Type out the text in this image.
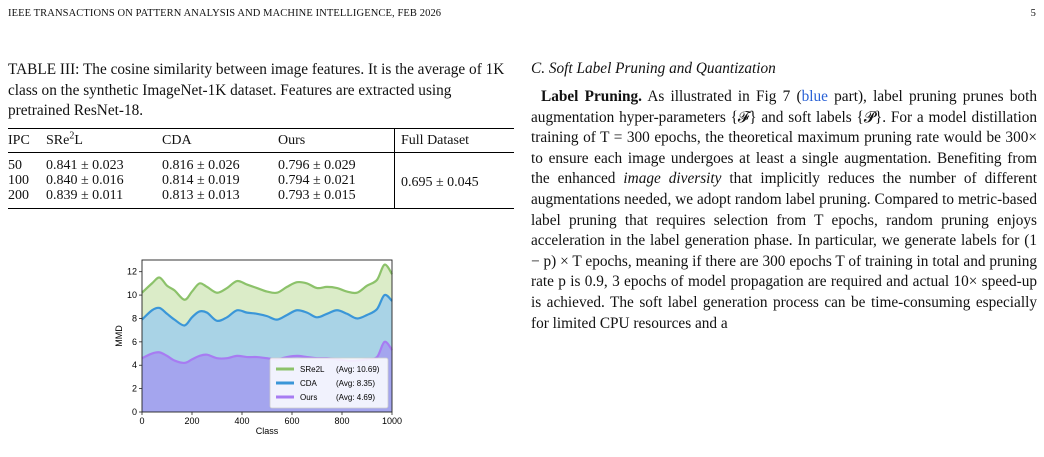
IEEE TRANSACTIONS ON PATTERN ANALYSIS AND MACHINE INTELLIGENCE, FEB 2026	5

TABLE III: The cosine similarity between image features. It is the average of 1K class on the synthetic ImageNet-1K dataset. Features are extracted using pretrained ResNet-18.

IPC	SRe$^2$L	CDA	Ours	Full Dataset
50	0.841 ± 0.023	0.816 ± 0.026	0.796 ± 0.029	0.695 ± 0.045
100	0.840 ± 0.016	0.814 ± 0.019	0.794 ± 0.021	
200	0.839 ± 0.011	0.813 ± 0.013	0.793 ± 0.015	
0
2
4
6
8
10
12
0	200	400	600	800	1000
Class
MMD
SRe2L (Avg: 10.69)
CDA (Avg: 8.35)
Ours (Avg: 4.69)

C. Soft Label Pruning and Quantization

Label Pruning. As illustrated in Fig 7 (blue part), label pruning prunes both augmentation hyper-parameters {𝓕} and soft labels {𝓟}. For a model distillation training of T = 300 epochs, the theoretical maximum pruning rate would be 300× to ensure each image undergoes at least a single augmentation. Benefiting from the enhanced image diversity that implicitly reduces the number of different augmentations needed, we adopt random label pruning. Compared to metric-based label pruning that requires selection from T epochs, random pruning enjoys acceleration in the label generation phase. In particular, we generate labels for (1 − p) × T epochs, meaning if there are 300 epochs T of training in total and pruning rate p is 0.9, 3 epochs of model propagation are required and actual 10× speed-up is achieved. The soft label generation process can be time-consuming especially for limited CPU resources and a
